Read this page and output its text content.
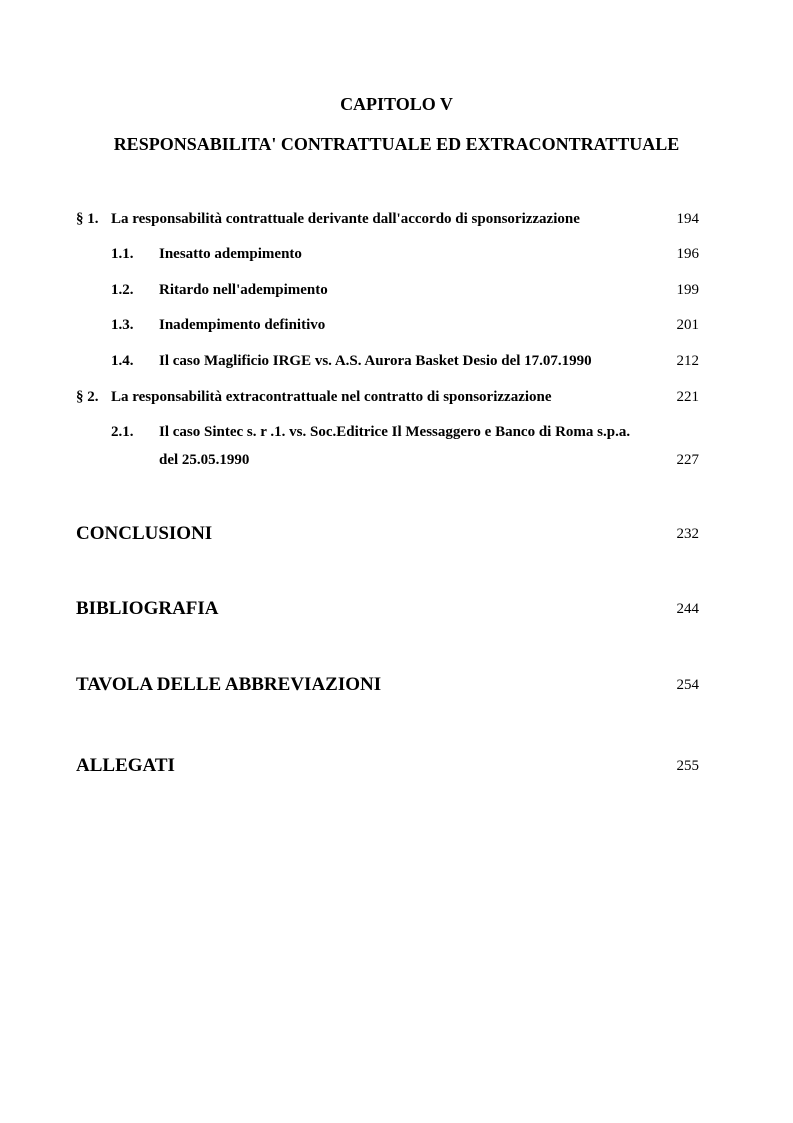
CAPITOLO V
RESPONSABILITA' CONTRATTUALE ED EXTRACONTRATTUALE
§ 1. La responsabilità contrattuale derivante dall'accordo di sponsorizzazione	194
1.1. Inesatto adempimento	196
1.2. Ritardo nell'adempimento	199
1.3. Inadempimento definitivo	201
1.4. Il caso Maglificio IRGE vs. A.S. Aurora Basket Desio del 17.07.1990	212
§ 2. La responsabilità extracontrattuale nel contratto di sponsorizzazione	221
2.1. Il caso Sintec s. r .1. vs. Soc.Editrice Il Messaggero e Banco di Roma s.p.a.
del 25.05.1990	227
CONCLUSIONI	232
BIBLIOGRAFIA	244
TAVOLA DELLE ABBREVIAZIONI	254
ALLEGATI	255
